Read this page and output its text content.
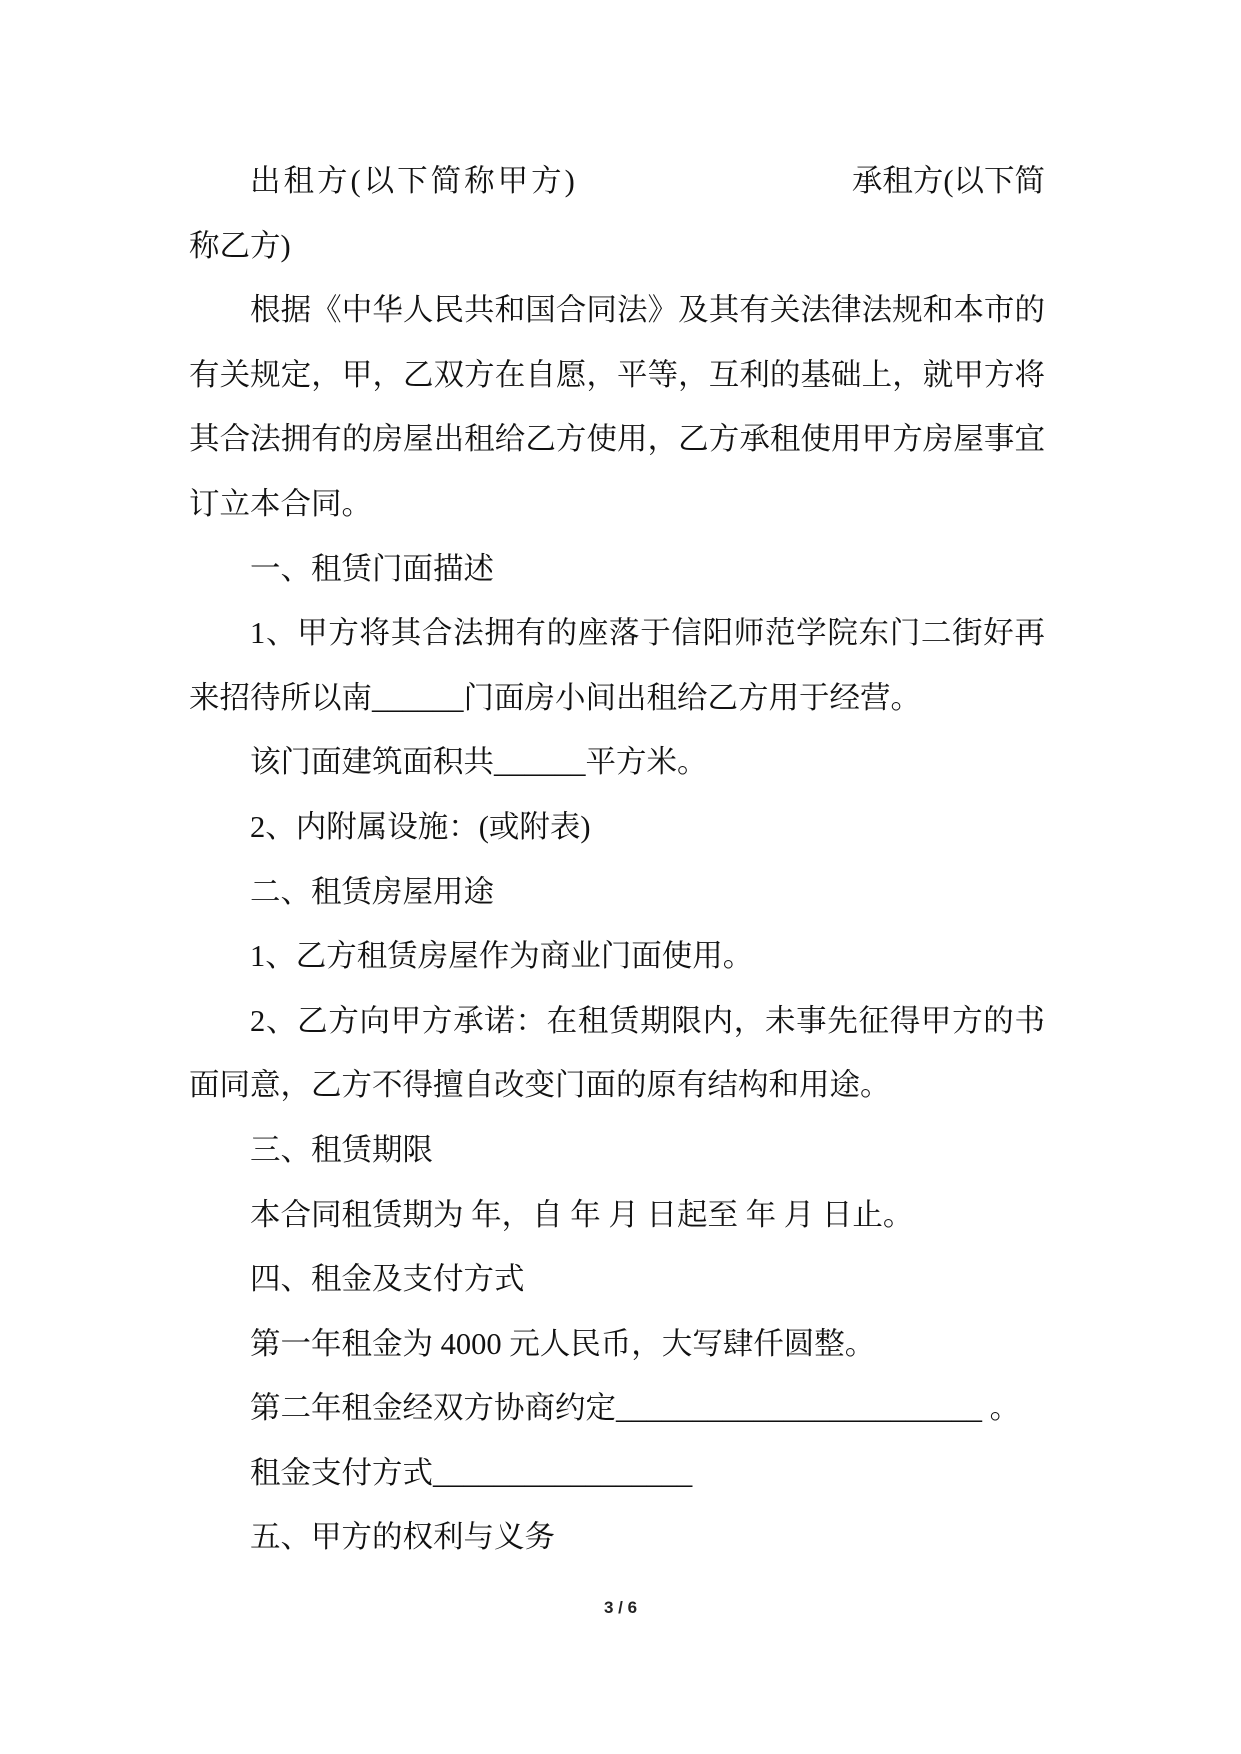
出租方(以下简称甲方)	承租方(以下简
称乙方)
根据《中华人民共和国合同法》及其有关法律法规和本市的
有关规定，甲，乙双方在自愿，平等，互利的基础上，就甲方将
其合法拥有的房屋出租给乙方使用，乙方承租使用甲方房屋事宜
订立本合同。
一、租赁门面描述
1、甲方将其合法拥有的座落于信阳师范学院东门二街好再
来招待所以南______门面房小间出租给乙方用于经营。
该门面建筑面积共______平方米。
2、内附属设施：(或附表)
二、租赁房屋用途
1、乙方租赁房屋作为商业门面使用。
2、乙方向甲方承诺：在租赁期限内，未事先征得甲方的书
面同意，乙方不得擅自改变门面的原有结构和用途。
三、租赁期限
本合同租赁期为 年，自 年 月 日起至 年 月 日止。
四、租金及支付方式
第一年租金为 4000 元人民币，大写肆仟圆整。
第二年租金经双方协商约定________________________ 。
租金支付方式_________________
五、甲方的权利与义务
3 / 6
